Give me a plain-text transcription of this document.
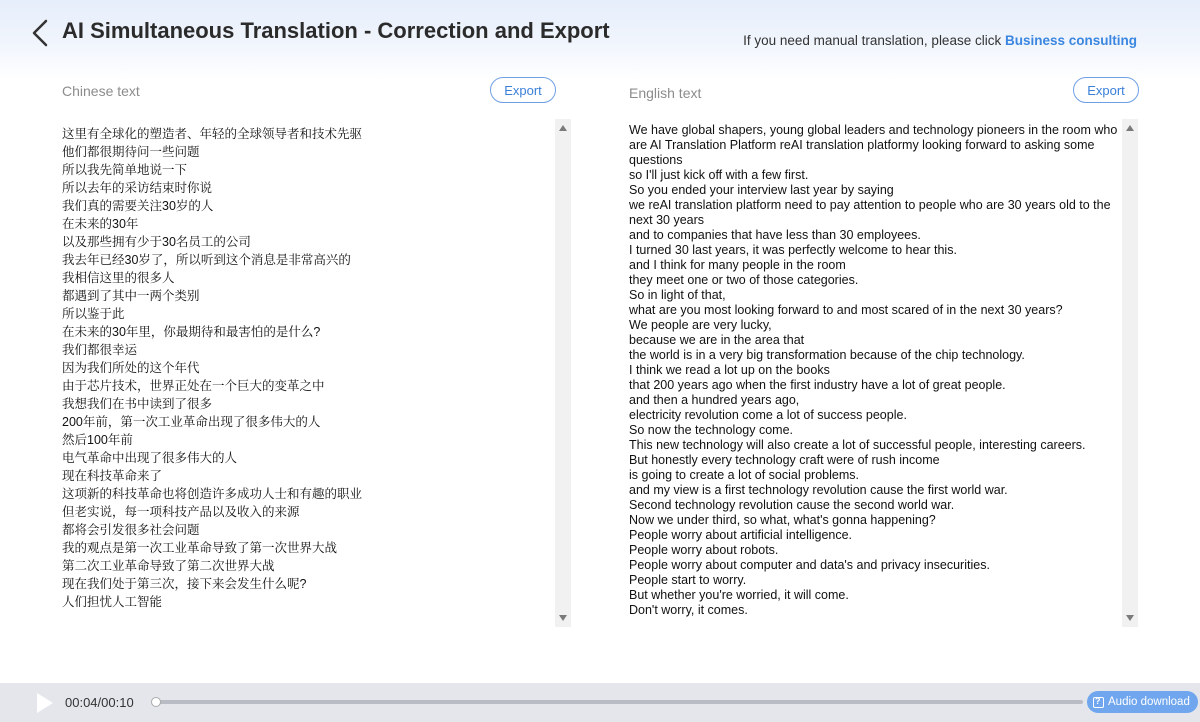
AI Simultaneous Translation - Correction and Export	If you need manual translation, please click Business consulting
Chinese text	Export
这里有全球化的塑造者、年轻的全球领导者和技术先驱
他们都很期待问一些问题
所以我先简单地说一下
所以去年的采访结束时你说
我们真的需要关注30岁的人
在未来的30年
以及那些拥有少于30名员工的公司
我去年已经30岁了，所以听到这个消息是非常高兴的
我相信这里的很多人
都遇到了其中一两个类别
所以鉴于此
在未来的30年里，你最期待和最害怕的是什么?
我们都很幸运
因为我们所处的这个年代
由于芯片技术，世界正处在一个巨大的变革之中
我想我们在书中读到了很多
200年前，第一次工业革命出现了很多伟大的人
然后100年前
电气革命中出现了很多伟大的人
现在科技革命来了
这项新的科技革命也将创造许多成功人士和有趣的职业
但老实说，每一项科技产品以及收入的来源
都将会引发很多社会问题
我的观点是第一次工业革命导致了第一次世界大战
第二次工业革命导致了第二次世界大战
现在我们处于第三次，接下来会发生什么呢?
人们担忧人工智能
English text	Export
We have global shapers, young global leaders and technology pioneers in the room who are AI Translation Platform reAI translation platformy looking forward to asking some questions
so I'll just kick off with a few first.
So you ended your interview last year by saying
we reAI translation platform need to pay attention to people who are 30 years old to the next 30 years
and to companies that have less than 30 employees.
I turned 30 last years, it was perfectly welcome to hear this.
and I think for many people in the room
they meet one or two of those categories.
So in light of that,
what are you most looking forward to and most scared of in the next 30 years?
We people are very lucky,
because we are in the area that
the world is in a very big transformation because of the chip technology.
I think we read a lot up on the books
that 200 years ago when the first industry have a lot of great people.
and then a hundred years ago,
electricity revolution come a lot of success people.
So now the technology come.
This new technology will also create a lot of successful people, interesting careers.
But honestly every technology craft were of rush income
is going to create a lot of social problems.
and my view is a first technology revolution cause the first world war.
Second technology revolution cause the second world war.
Now we under third, so what, what's gonna happening?
People worry about artificial intelligence.
People worry about robots.
People worry about computer and data's and privacy insecurities.
People start to worry.
But whether you're worried, it will come.
Don't worry, it comes.
00:04/00:10
?	Audio download
